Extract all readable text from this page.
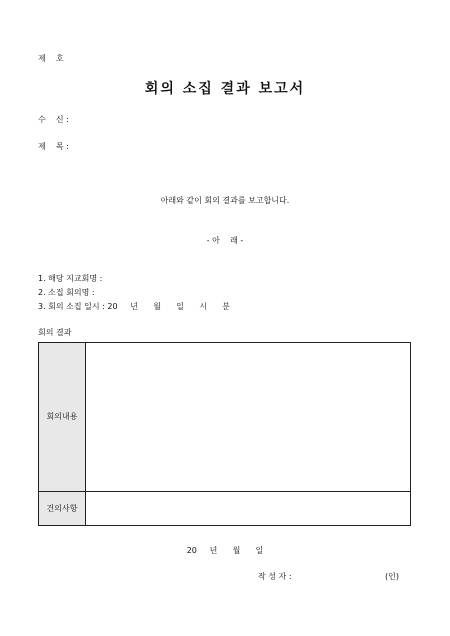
제    호
회의 소집 결과 보고서
수    신 :
제    목 :
아래와 같이 회의 결과를 보고합니다.
- 아    래 -
1. 해당 지교회명 :
2. 소집 회의명 :
3. 회의 소집 일시 : 20     년      월      일      시      분
회의 결과
회의내용	
건의사항	
20     년      월      일
작 성 자 :	(인)
